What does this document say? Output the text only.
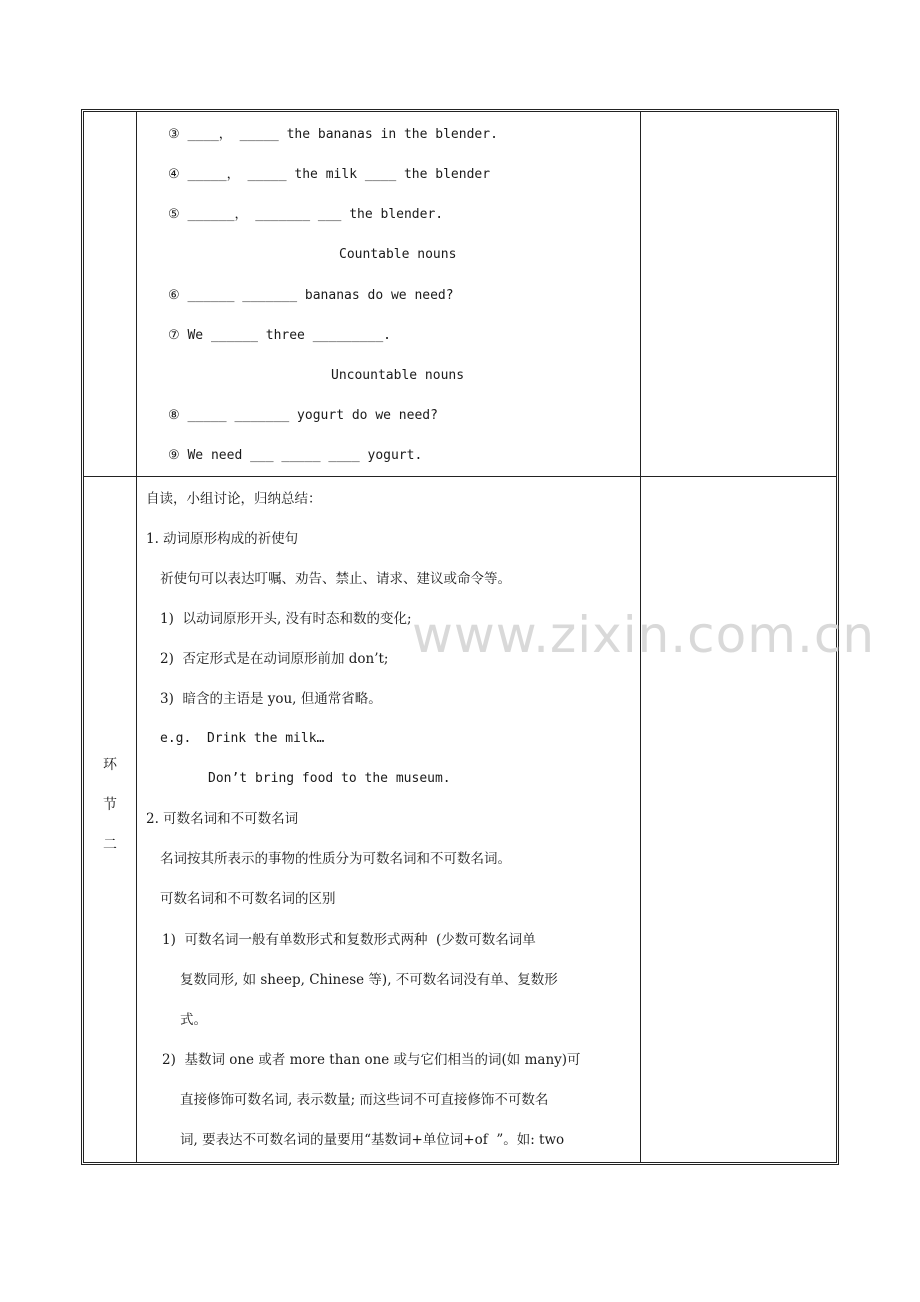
③ ____， _____ the bananas in the blender.
④ _____， _____ the milk ____ the blender
⑤ ______， _______ ___ the blender.
Countable nouns
⑥ ______ _______ bananas do we need?
⑦ We ______ three _________.
Uncountable nouns
⑧ _____ _______ yogurt do we need?
⑨ We need ___ _____ ____ yogurt.
环
节
二
自读，小组讨论，归纳总结：
1. 动词原形构成的祈使句
祈使句可以表达叮嘱、劝告、禁止、请求、建议或命令等。
1)  以动词原形开头, 没有时态和数的变化;
2)  否定形式是在动词原形前加 don’t;
3)  暗含的主语是 you, 但通常省略。
e.g.  Drink the milk…
Don’t bring food to the museum.
2. 可数名词和不可数名词
名词按其所表示的事物的性质分为可数名词和不可数名词。
可数名词和不可数名词的区别
1)  可数名词一般有单数形式和复数形式两种  (少数可数名词单
复数同形, 如 sheep, Chinese 等), 不可数名词没有单、复数形
式。
2)  基数词 one 或者 more than one 或与它们相当的词(如 many)可
直接修饰可数名词, 表示数量; 而这些词不可直接修饰不可数名
词, 要表达不可数名词的量要用“基数词+单位词+of  ”。如: two
www.zixin.com.cn
